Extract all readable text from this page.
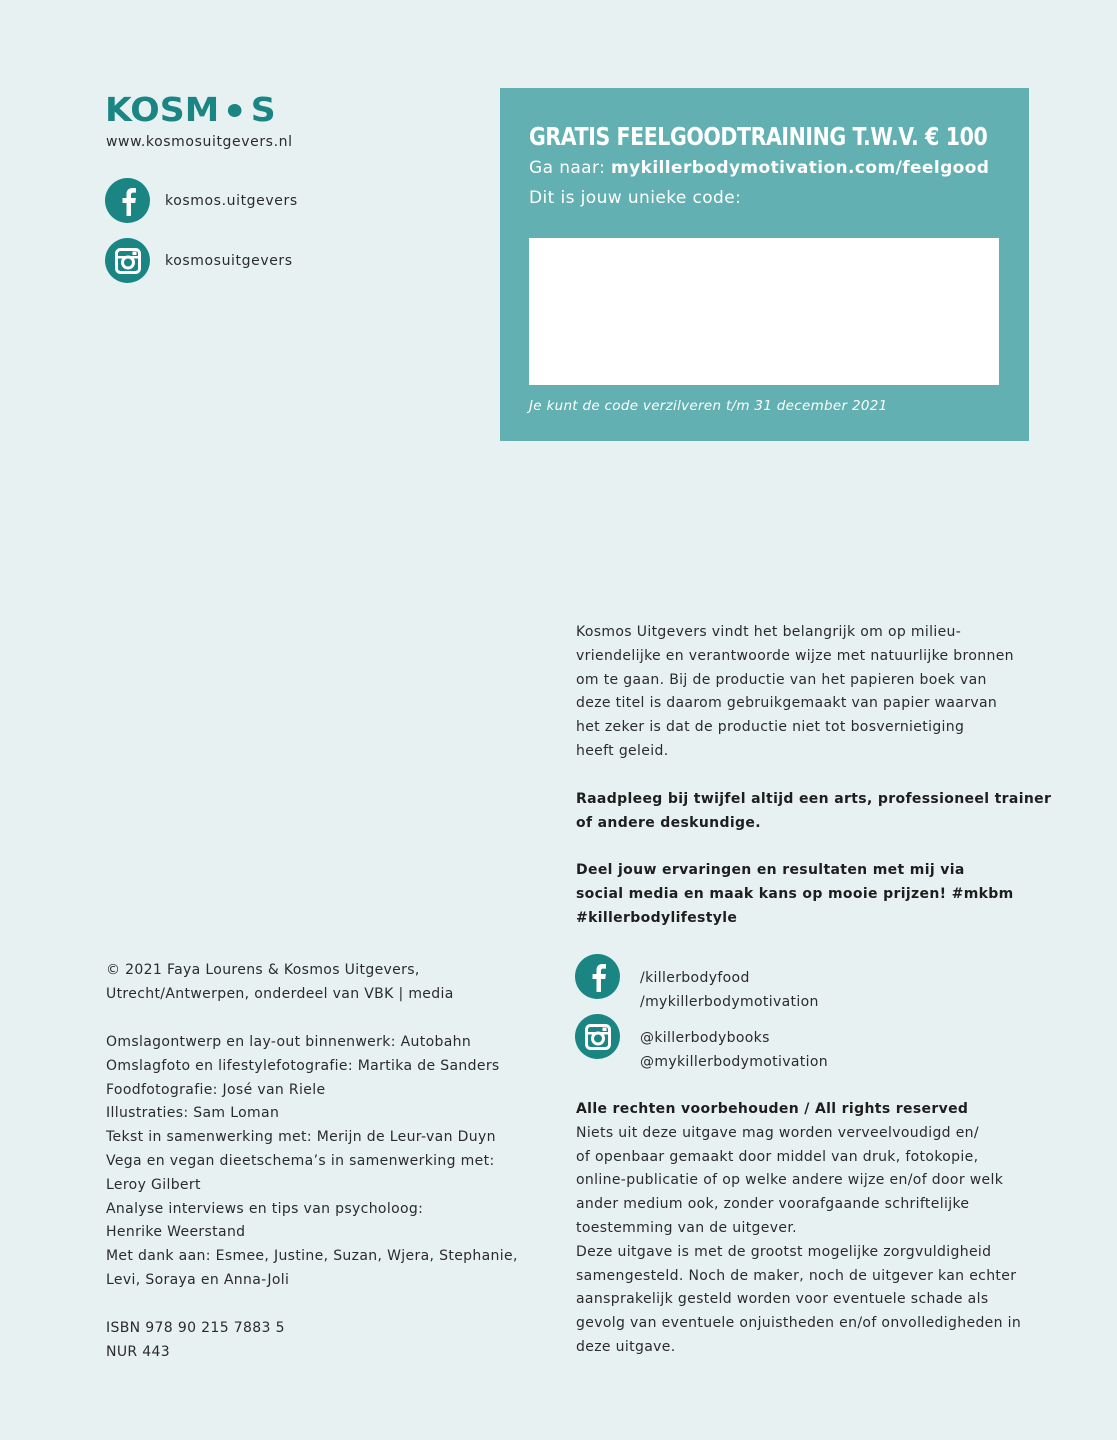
KOSM S
www.kosmosuitgevers.nl
kosmos.uitgevers
kosmosuitgevers
GRATIS FEELGOODTRAINING T.W.V. € 100
Ga naar: mykillerbodymotivation.com/feelgood
Dit is jouw unieke code:
Je kunt de code verzilveren t/m 31 december 2021
Kosmos Uitgevers vindt het belangrijk om op milieu-
vriendelijke en verantwoorde wijze met natuurlijke bronnen
om te gaan. Bij de productie van het papieren boek van
deze titel is daarom gebruikgemaakt van papier waarvan
het zeker is dat de productie niet tot bosvernietiging
heeft geleid.
Raadpleeg bij twijfel altijd een arts, professioneel trainer
of andere deskundige.
Deel jouw ervaringen en resultaten met mij via
social media en maak kans op mooie prijzen! #mkbm
#killerbodylifestyle
/killerbodyfood
/mykillerbodymotivation
@killerbodybooks
@mykillerbodymotivation
Alle rechten voorbehouden / All rights reserved
Niets uit deze uitgave mag worden verveelvoudigd en/
of openbaar gemaakt door middel van druk, fotokopie,
online-publicatie of op welke andere wijze en/of door welk
ander medium ook, zonder voorafgaande schriftelijke
toestemming van de uitgever.
Deze uitgave is met de grootst mogelijke zorgvuldigheid
samengesteld. Noch de maker, noch de uitgever kan echter
aansprakelijk gesteld worden voor eventuele schade als
gevolg van eventuele onjuistheden en/of onvolledigheden in
deze uitgave.
© 2021 Faya Lourens & Kosmos Uitgevers,
Utrecht/Antwerpen, onderdeel van VBK | media
Omslagontwerp en lay-out binnenwerk: Autobahn
Omslagfoto en lifestylefotografie: Martika de Sanders
Foodfotografie: José van Riele
Illustraties: Sam Loman
Tekst in samenwerking met: Merijn de Leur-van Duyn
Vega en vegan dieetschema’s in samenwerking met:
Leroy Gilbert
Analyse interviews en tips van psycholoog:
Henrike Weerstand
Met dank aan: Esmee, Justine, Suzan, Wjera, Stephanie,
Levi, Soraya en Anna-Joli
ISBN 978 90 215 7883 5
NUR 443
